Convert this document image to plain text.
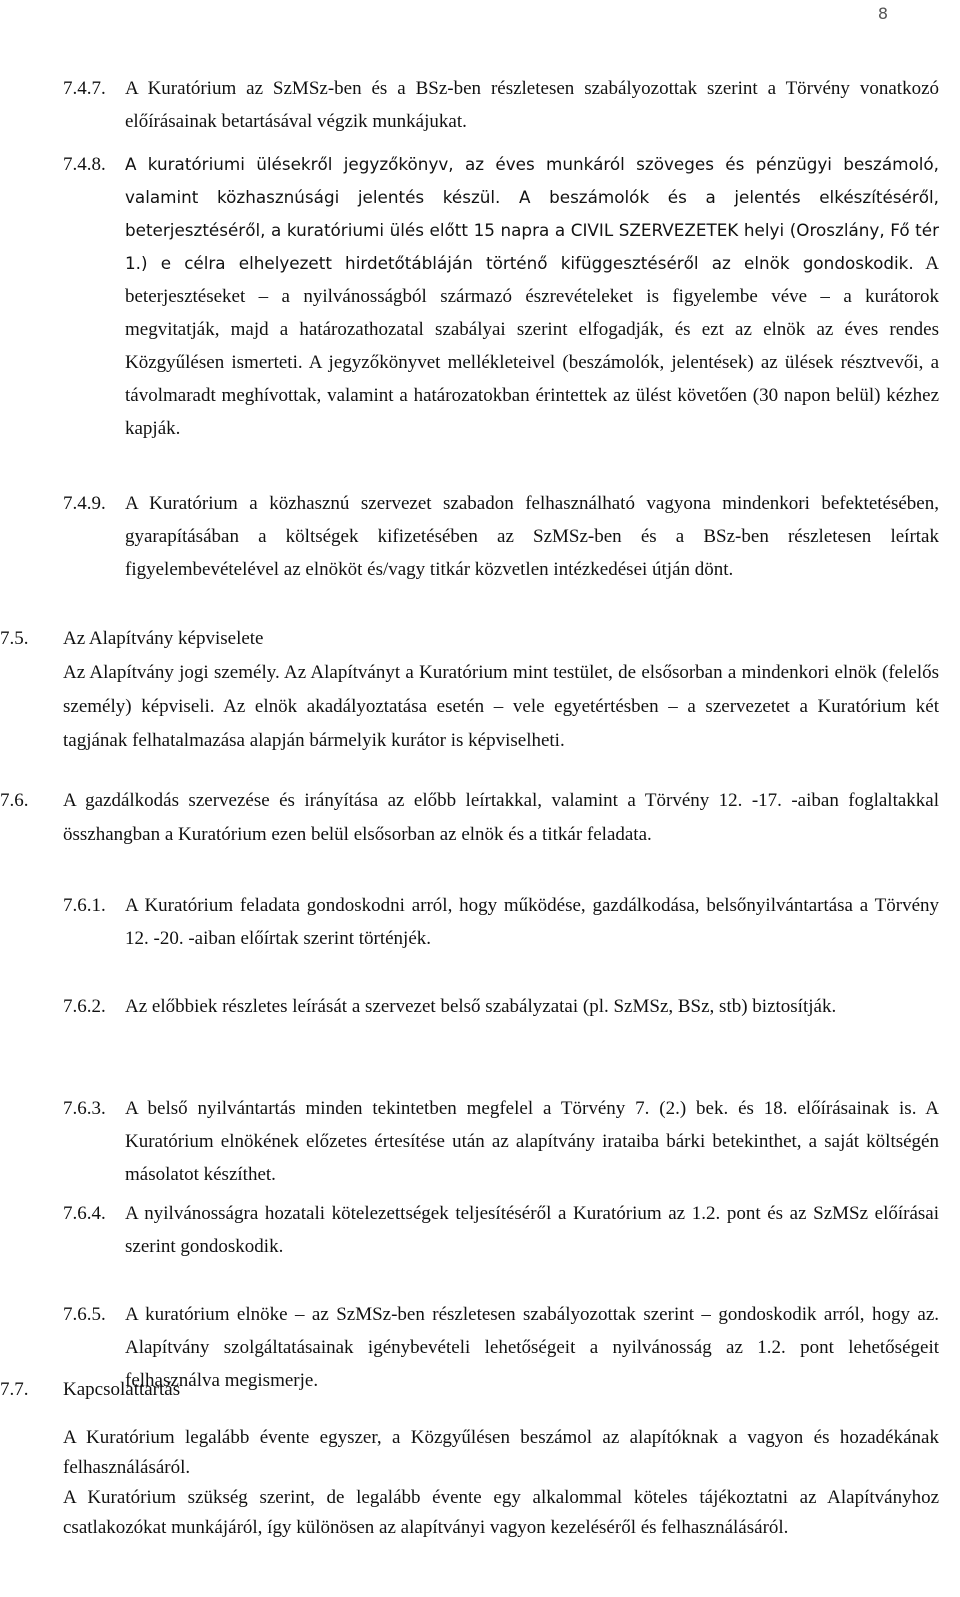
8
7.4.7.	A Kuratórium az SzMSz-ben és a BSz-ben részletesen szabályozottak szerint a Törvény vonatkozó előírásainak betartásával végzik munkájukat.
7.4.8.	A kuratóriumi ülésekről jegyzőkönyv, az éves munkáról szöveges és pénzügyi beszámoló, valamint közhasznúsági jelentés készül. A beszámolók és a jelentés elkészítéséről, beterjesztéséről, a kuratóriumi ülés előtt 15 napra a CIVIL SZERVEZETEK helyi (Oroszlány, Fő tér 1.) e célra elhelyezett hirdetőtábláján történő kifüggesztéséről az elnök gondoskodik. A beterjesztéseket – a nyilvánosságból származó észrevételeket is figyelembe véve – a kurátorok megvitatják, majd a határozathozatal szabályai szerint elfogadják, és ezt az elnök az éves rendes Közgyűlésen ismerteti. A jegyzőkönyvet mellékleteivel (beszámolók, jelentések) az ülések résztvevői, a távolmaradt meghívottak, valamint a határozatokban érintettek az ülést követően (30 napon belül) kézhez kapják.
7.4.9.	A Kuratórium a közhasznú szervezet szabadon felhasználható vagyona mindenkori befektetésében, gyarapításában a költségek kifizetésében az SzMSz-ben és a BSz-ben részletesen leírtak figyelembevételével az elnököt és/vagy titkár közvetlen intézkedései útján dönt.
7.5.	Az Alapítvány képviselete

Az Alapítvány jogi személy. Az Alapítványt a Kuratórium mint testület, de elsősorban a mindenkori elnök (felelős személy) képviseli. Az elnök akadályoztatása esetén – vele egyetértésben – a szervezetet a Kuratórium két tagjának felhatalmazása alapján bármelyik kurátor is képviselheti.

7.6.	A gazdálkodás szervezése és irányítása az előbb leírtakkal, valamint a Törvény 12. -17. -aiban foglaltakkal összhangban a Kuratórium ezen belül elsősorban az elnök és a titkár feladata.
7.6.1.	A Kuratórium feladata gondoskodni arról, hogy működése, gazdálkodása, belsőnyilvántartása a Törvény 12. -20. -aiban előírtak szerint történjék.
7.6.2.	Az előbbiek részletes leírását a szervezet belső szabályzatai (pl. SzMSz, BSz, stb) biztosítják.
7.6.3.	A belső nyilvántartás minden tekintetben megfelel a Törvény 7. (2.) bek. és 18. előírásainak is. A Kuratórium elnökének előzetes értesítése után az alapítvány irataiba bárki betekinthet, a saját költségén másolatot készíthet.
7.6.4.	A nyilvánosságra hozatali kötelezettségek teljesítéséről a Kuratórium az 1.2. pont és az SzMSz előírásai szerint gondoskodik.
7.6.5.	A kuratórium elnöke – az SzMSz-ben részletesen szabályozottak szerint – gondoskodik arról, hogy az. Alapítvány szolgáltatásainak igénybevételi lehetőségeit a nyilvánosság az 1.2. pont lehetőségeit felhasználva megismerje.
7.7.	Kapcsolattartás

A Kuratórium legalább évente egyszer, a Közgyűlésen beszámol az alapítóknak a vagyon és hozadékának felhasználásáról.

A Kuratórium szükség szerint, de legalább évente egy alkalommal köteles tájékoztatni az Alapítványhoz csatlakozókat munkájáról, így különösen az alapítványi vagyon kezeléséről és felhasználásáról.
